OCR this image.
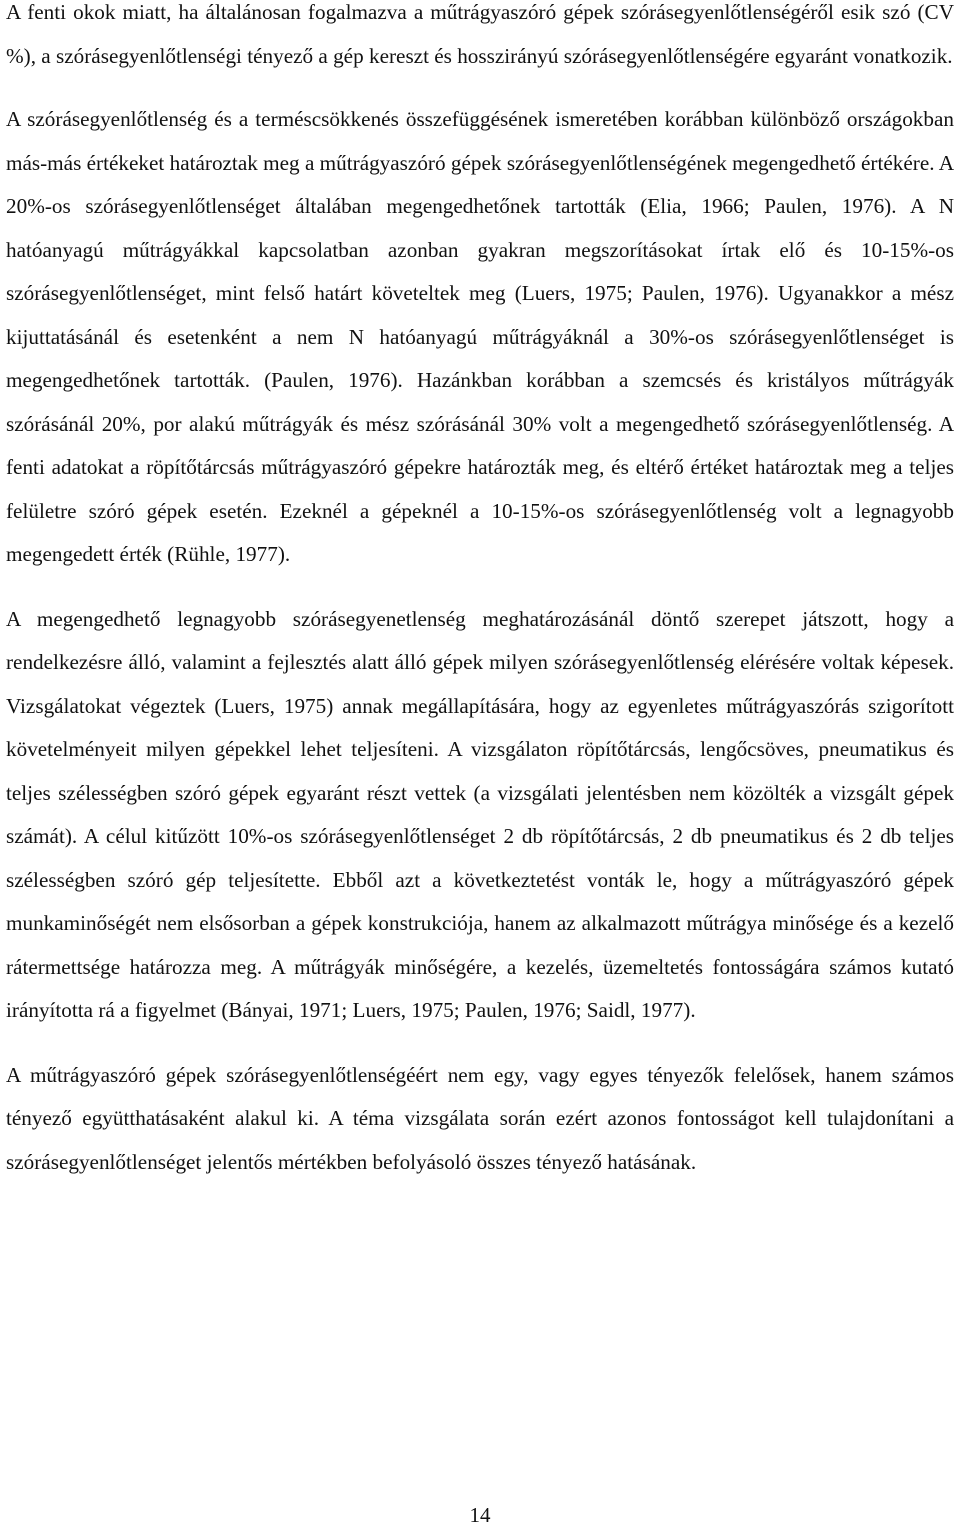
A fenti okok miatt, ha általánosan fogalmazva a műtrágyaszóró gépek szórásegyenlőtlenségéről esik szó (CV %), a szórásegyenlőtlenségi tényező a gép kereszt és hosszirányú szórásegyenlőtlenségére egyaránt vonatkozik.

A szórásegyenlőtlenség és a terméscsökkenés összefüggésének ismeretében korábban különböző országokban más-más értékeket határoztak meg a műtrágyaszóró gépek szórásegyenlőtlenségének megengedhető értékére. A 20%-os szórásegyenlőtlenséget általában megengedhetőnek tartották (Elia, 1966; Paulen, 1976). A N hatóanyagú műtrágyákkal kapcsolatban azonban gyakran megszorításokat írtak elő és 10-15%-os szórásegyenlőtlenséget, mint felső határt követeltek meg (Luers, 1975; Paulen, 1976). Ugyanakkor a mész kijuttatásánál és esetenként a nem N hatóanyagú műtrágyáknál a 30%-os szórásegyenlőtlenséget is megengedhetőnek tartották. (Paulen, 1976). Hazánkban korábban a szemcsés és kristályos műtrágyák szórásánál 20%, por alakú műtrágyák és mész szórásánál 30% volt a megengedhető szórásegyenlőtlenség. A fenti adatokat a röpítőtárcsás műtrágyaszóró gépekre határozták meg, és eltérő értéket határoztak meg a teljes felületre szóró gépek esetén. Ezeknél a gépeknél a 10-15%-os szórásegyenlőtlenség volt a legnagyobb megengedett érték (Rühle, 1977).

A megengedhető legnagyobb szórásegyenetlenség meghatározásánál döntő szerepet játszott, hogy a rendelkezésre álló, valamint a fejlesztés alatt álló gépek milyen szórásegyenlőtlenség elérésére voltak képesek. Vizsgálatokat végeztek (Luers, 1975) annak megállapítására, hogy az egyenletes műtrágyaszórás szigorított követelményeit milyen gépekkel lehet teljesíteni. A vizsgálaton röpítőtárcsás, lengőcsöves, pneumatikus és teljes szélességben szóró gépek egyaránt részt vettek (a vizsgálati jelentésben nem közölték a vizsgált gépek számát). A célul kitűzött 10%-os szórásegyenlőtlenséget 2 db röpítőtárcsás, 2 db pneumatikus és 2 db teljes szélességben szóró gép teljesítette. Ebből azt a következtetést vonták le, hogy a műtrágyaszóró gépek munkaminőségét nem elsősorban a gépek konstrukciója, hanem az alkalmazott műtrágya minősége és a kezelő rátermettsége határozza meg. A műtrágyák minőségére, a kezelés, üzemeltetés fontosságára számos kutató irányította rá a figyelmet (Bányai, 1971; Luers, 1975; Paulen, 1976; Saidl, 1977).

A műtrágyaszóró gépek szórásegyenlőtlenségéért nem egy, vagy egyes tényezők felelősek, hanem számos tényező együtthatásaként alakul ki. A téma vizsgálata során ezért azonos fontosságot kell tulajdonítani a szórásegyenlőtlenséget jelentős mértékben befolyásoló összes tényező hatásának.

14
